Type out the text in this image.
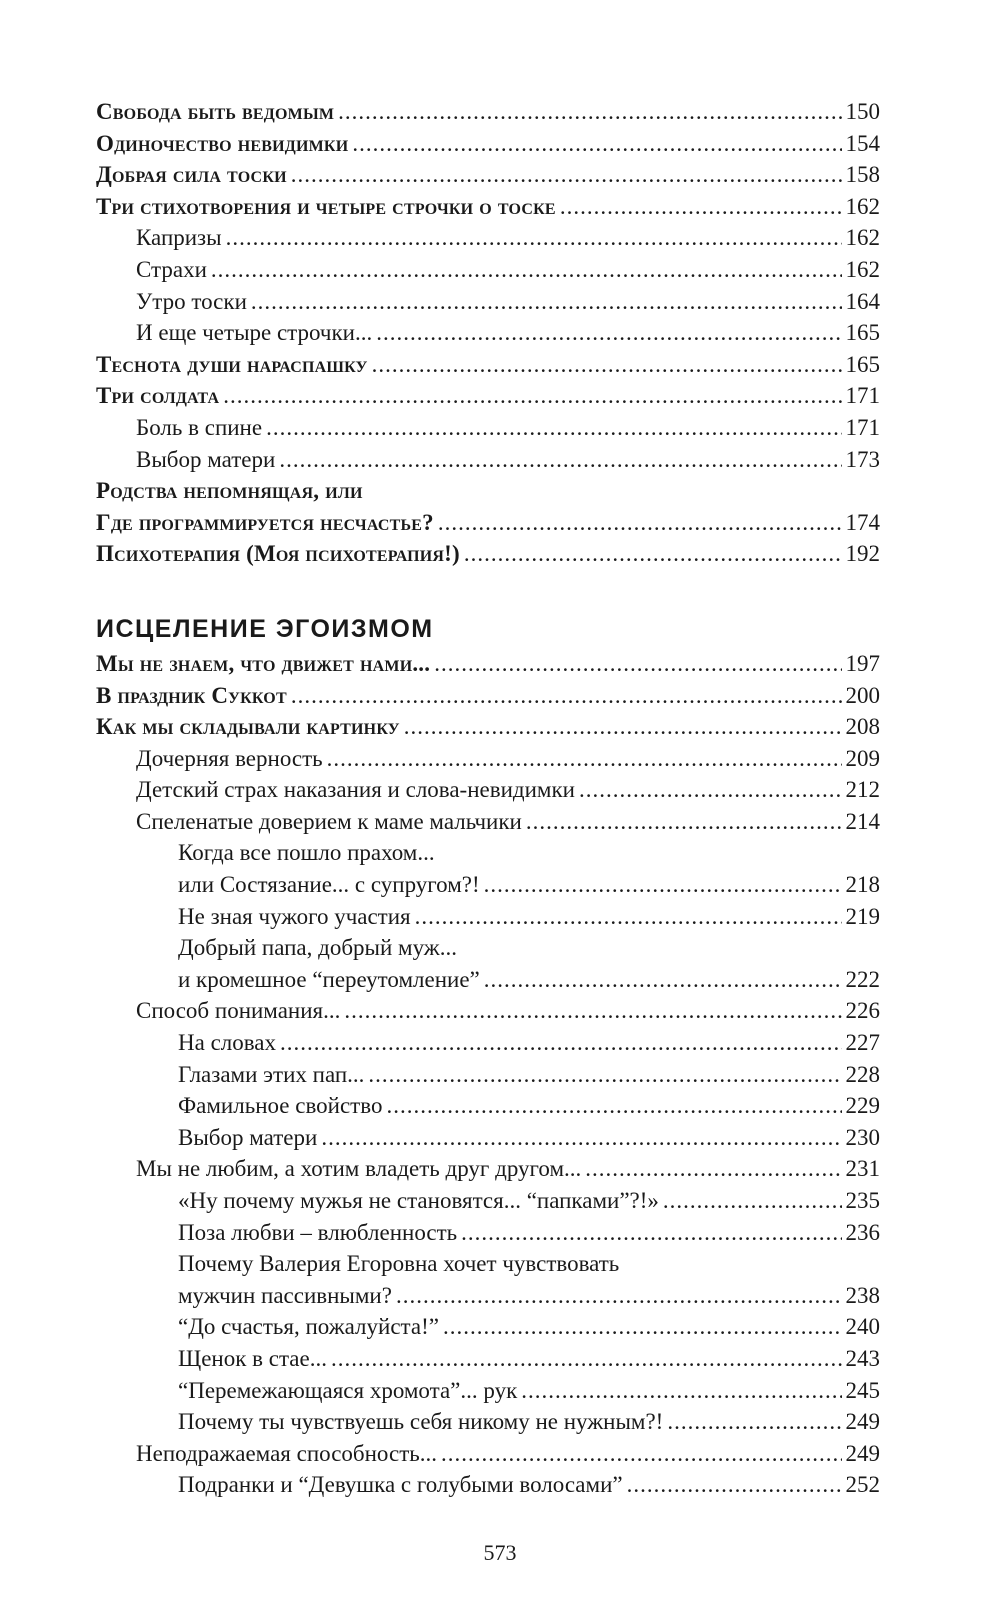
Свобода быть ведомым .....	150
Одиночество невидимки .....	154
Добрая сила тоски .....	158
Три стихотворения и четыре строчки о тоске .....	162
Капризы .....	162
Страхи .....	162
Утро тоски .....	164
И еще четыре строчки... .....	165
Теснота души нараспашку .....	165
Три солдата .....	171
Боль в спине .....	171
Выбор матери .....	173
Родства непомнящая, или
Где программируется несчастье? .....	174
Психотерапия (Моя психотерапия!) .....	192
ИСЦЕЛЕНИЕ ЭГОИЗМОМ
Мы не знаем, что движет нами... .....	197
В праздник Суккот .....	200
Как мы складывали картинку .....	208
Дочерняя верность .....	209
Детский страх наказания и слова-невидимки .....	212
Спеленатые доверием к маме мальчики .....	214
Когда все пошло прахом...
или Состязание... с супругом?! .....	218
Не зная чужого участия .....	219
Добрый папа, добрый муж...
и кромешное “переутомление” .....	222
Способ понимания... .....	226
На словах .....	227
Глазами этих пап... .....	228
Фамильное свойство .....	229
Выбор матери .....	230
Мы не любим, а хотим владеть друг другом... .....	231
«Ну почему мужья не становятся... “папками”?!» .....	235
Поза любви – влюбленность .....	236
Почему Валерия Егоровна хочет чувствовать
мужчин пассивными? .....	238
“До счастья, пожалуйста!” .....	240
Щенок в стае... .....	243
“Перемежающаяся хромота”... рук .....	245
Почему ты чувствуешь себя никому не нужным?! .....	249
Неподражаемая способность... .....	249
Подранки и “Девушка с голубыми волосами” .....	252
573
